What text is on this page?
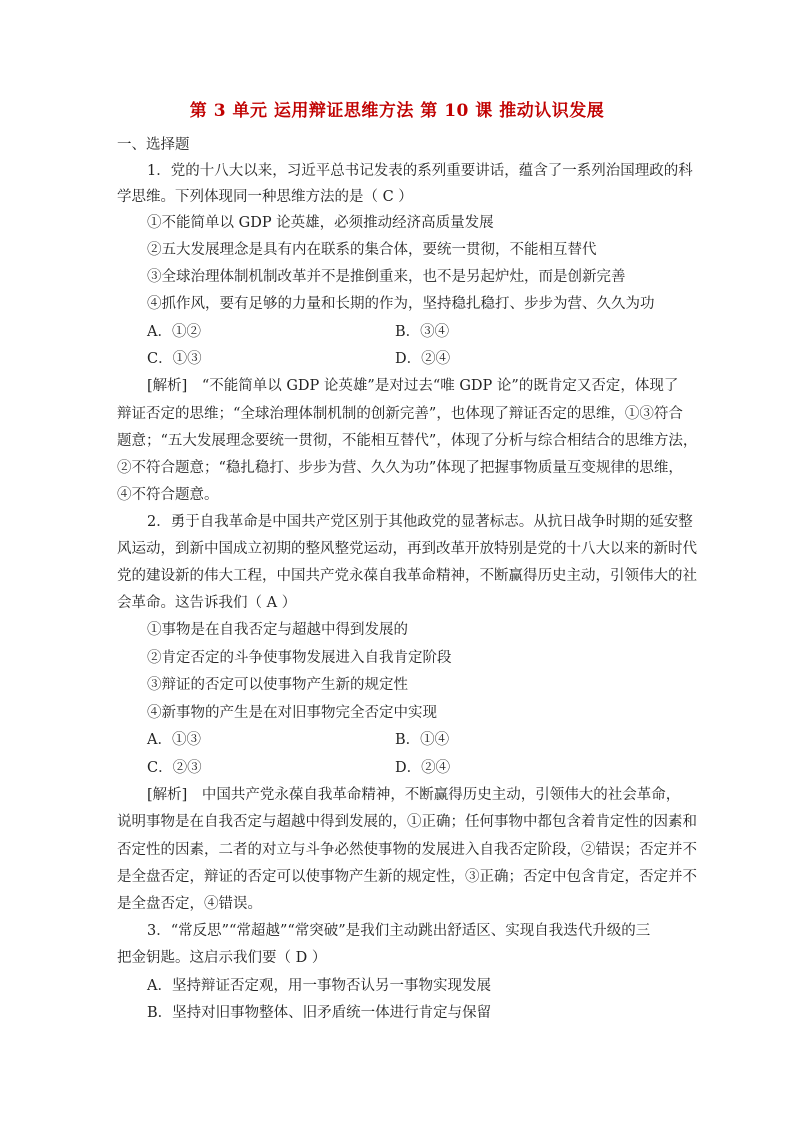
第 3 单元 运用辩证思维方法 第 10 课 推动认识发展
一、选择题
1．党的十八大以来，习近平总书记发表的系列重要讲话，蕴含了一系列治国理政的科
学思维。下列体现同一种思维方法的是（ C ）
①不能简单以 GDP 论英雄，必须推动经济高质量发展
②五大发展理念是具有内在联系的集合体，要统一贯彻，不能相互替代
③全球治理体制机制改革并不是推倒重来，也不是另起炉灶，而是创新完善
④抓作风，要有足够的力量和长期的作为，坚持稳扎稳打、步步为营、久久为功
A．①②	B．③④
C．①③	D．②④
[解析]　“不能简单以 GDP 论英雄”是对过去“唯 GDP 论”的既肯定又否定，体现了
辩证否定的思维；“全球治理体制机制的创新完善”，也体现了辩证否定的思维，①③符合
题意；“五大发展理念要统一贯彻，不能相互替代”，体现了分析与综合相结合的思维方法，
②不符合题意；“稳扎稳打、步步为营、久久为功”体现了把握事物质量互变规律的思维，
④不符合题意。
2．勇于自我革命是中国共产党区别于其他政党的显著标志。从抗日战争时期的延安整
风运动，到新中国成立初期的整风整党运动，再到改革开放特别是党的十八大以来的新时代
党的建设新的伟大工程，中国共产党永葆自我革命精神，不断赢得历史主动，引领伟大的社
会革命。这告诉我们（ A ）
①事物是在自我否定与超越中得到发展的
②肯定否定的斗争使事物发展进入自我肯定阶段
③辩证的否定可以使事物产生新的规定性
④新事物的产生是在对旧事物完全否定中实现
A．①③	B．①④
C．②③	D．②④
[解析]　中国共产党永葆自我革命精神，不断赢得历史主动，引领伟大的社会革命，
说明事物是在自我否定与超越中得到发展的，①正确；任何事物中都包含着肯定性的因素和
否定性的因素，二者的对立与斗争必然使事物的发展进入自我否定阶段，②错误；否定并不
是全盘否定，辩证的否定可以使事物产生新的规定性，③正确；否定中包含肯定，否定并不
是全盘否定，④错误。
3．“常反思”“常超越”“常突破”是我们主动跳出舒适区、实现自我迭代升级的三
把金钥匙。这启示我们要（ D ）
A．坚持辩证否定观，用一事物否认另一事物实现发展
B．坚持对旧事物整体、旧矛盾统一体进行肯定与保留
